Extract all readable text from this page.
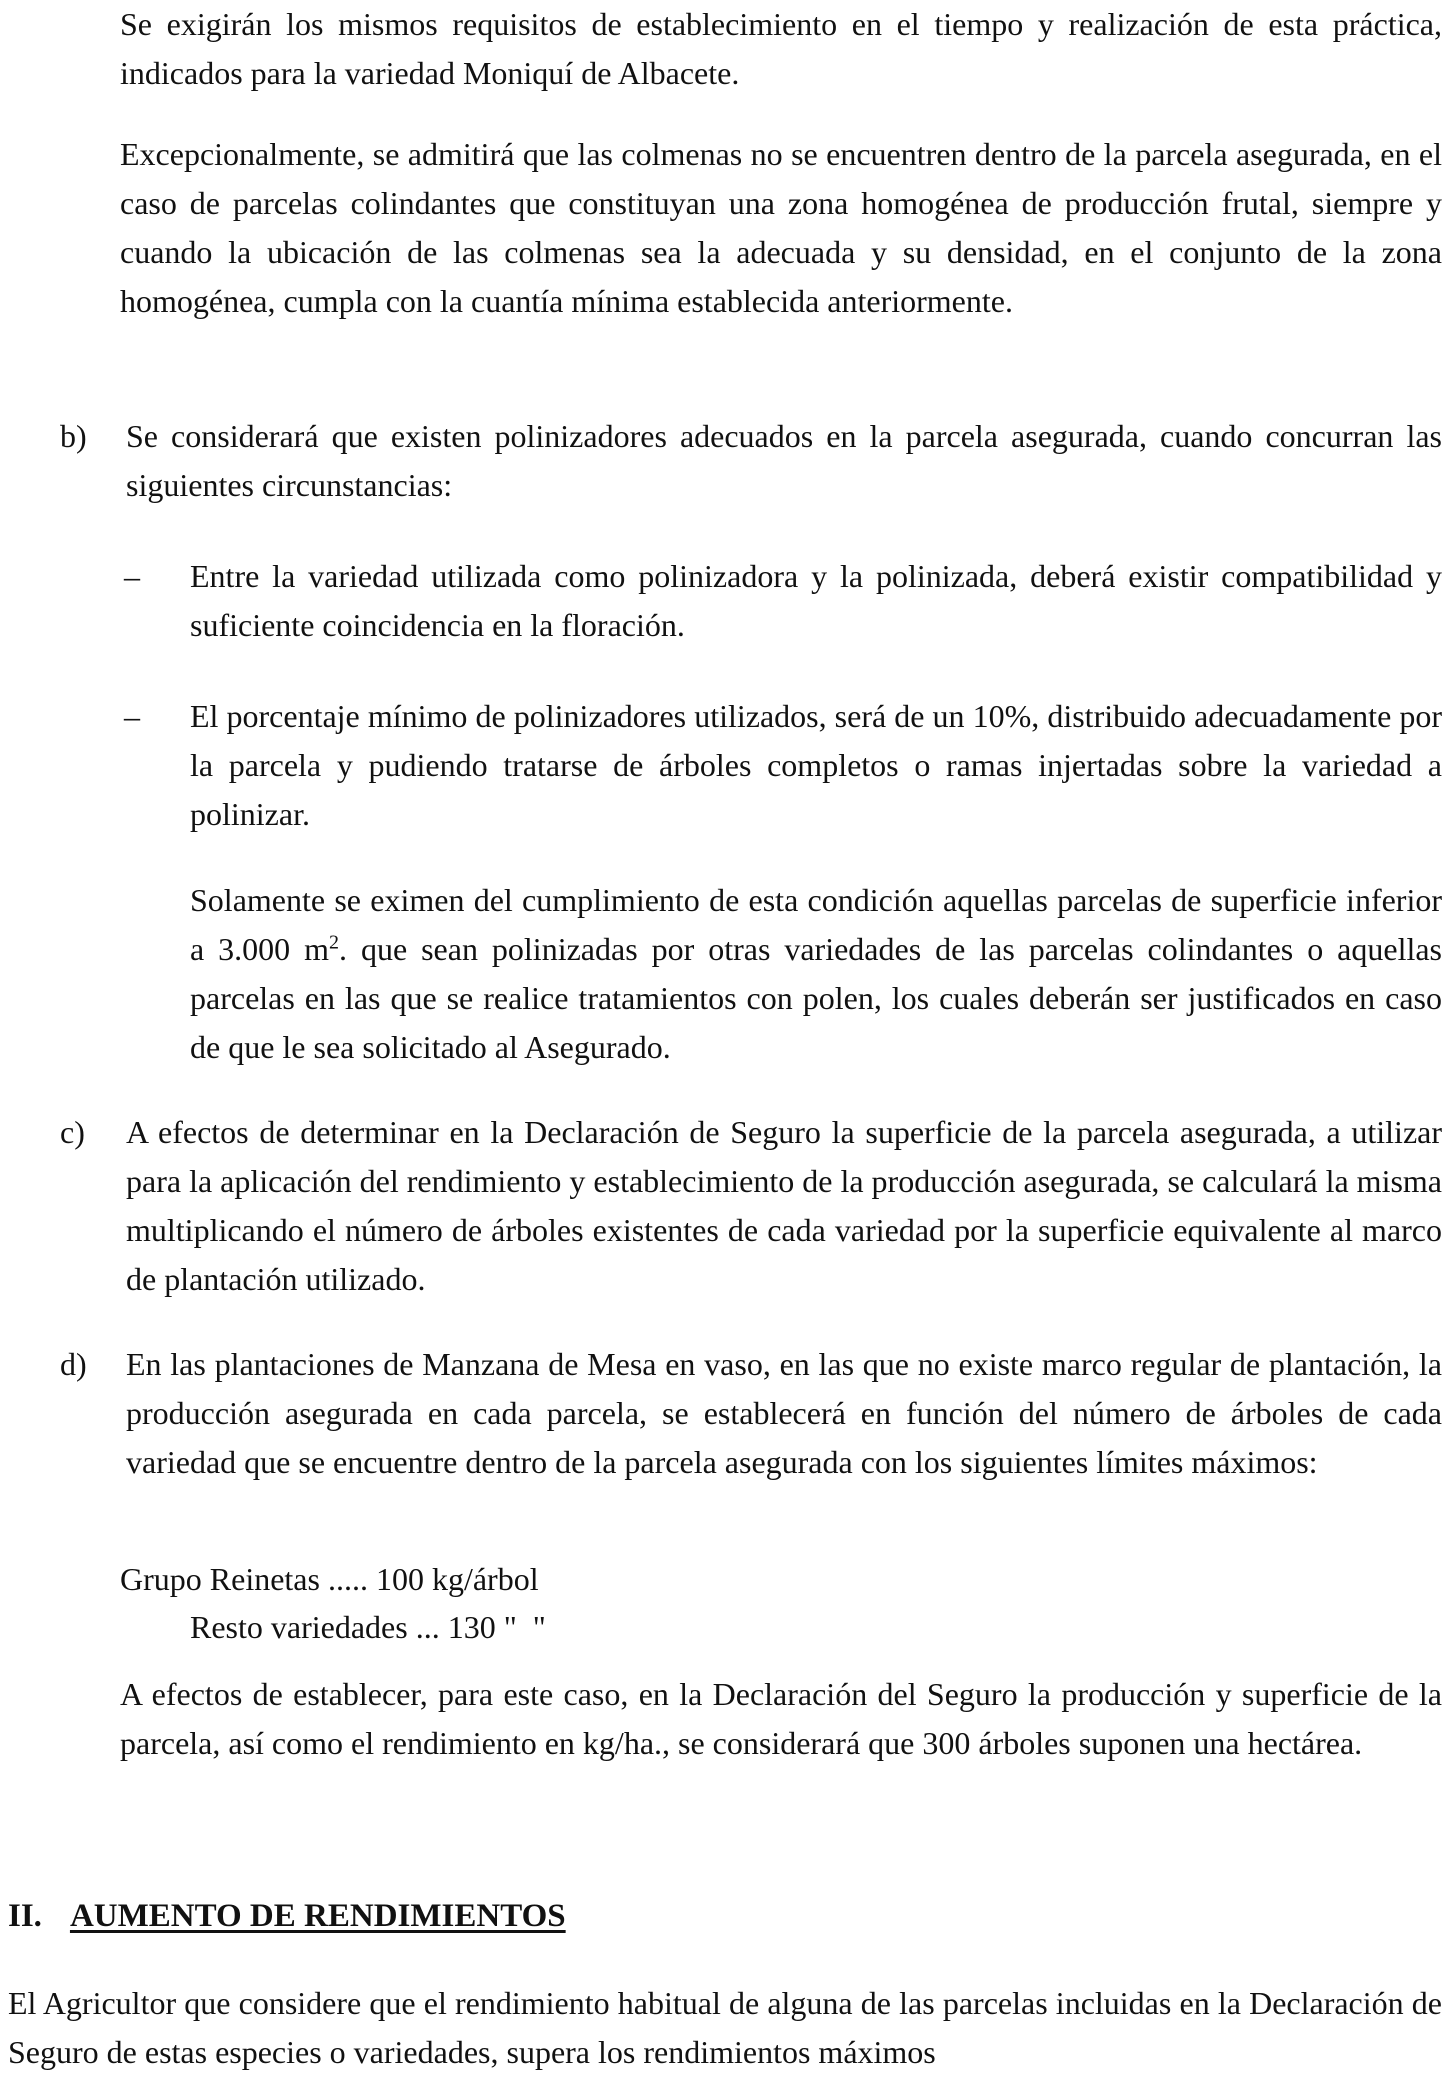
Se exigirán los mismos requisitos de establecimiento en el tiempo y realización de esta práctica, indicados para la variedad Moniquí de Albacete.

Excepcionalmente, se admitirá que las colmenas no se encuentren dentro de la parcela asegurada, en el caso de parcelas colindantes que constituyan una zona homogénea de producción frutal, siempre y cuando la ubicación de las colmenas sea la adecuada y su densidad, en el conjunto de la zona homogénea, cumpla con la cuantía mínima establecida anteriormente.

b) Se considerará que existen polinizadores adecuados en la parcela asegurada, cuando concurran las siguientes circunstancias:

– Entre la variedad utilizada como polinizadora y la polinizada, deberá existir compatibilidad y suficiente coincidencia en la floración.

– El porcentaje mínimo de polinizadores utilizados, será de un 10%, distribuido adecuadamente por la parcela y pudiendo tratarse de árboles completos o ramas injertadas sobre la variedad a polinizar.

Solamente se eximen del cumplimiento de esta condición aquellas parcelas de superficie inferior a 3.000 $m^2$. que sean polinizadas por otras variedades de las parcelas colindantes o aquellas parcelas en las que se realice tratamientos con polen, los cuales deberán ser justificados en caso de que le sea solicitado al Asegurado.

c) A efectos de determinar en la Declaración de Seguro la superficie de la parcela asegurada, a utilizar para la aplicación del rendimiento y establecimiento de la producción asegurada, se calculará la misma multiplicando el número de árboles existentes de cada variedad por la superficie equivalente al marco de plantación utilizado.

d) En las plantaciones de Manzana de Mesa en vaso, en las que no existe marco regular de plantación, la producción asegurada en cada parcela, se establecerá en función del número de árboles de cada variedad que se encuentre dentro de la parcela asegurada con los siguientes límites máximos:

Grupo Reinetas ..... 100 kg/árbol
Resto variedades ... 130 "  "

A efectos de establecer, para este caso, en la Declaración del Seguro la producción y superficie de la parcela, así como el rendimiento en kg/ha., se considerará que 300 árboles suponen una hectárea.

II. AUMENTO DE RENDIMIENTOS

El Agricultor que considere que el rendimiento habitual de alguna de las parcelas incluidas en la Declaración de Seguro de estas especies o variedades, supera los rendimientos máximos
